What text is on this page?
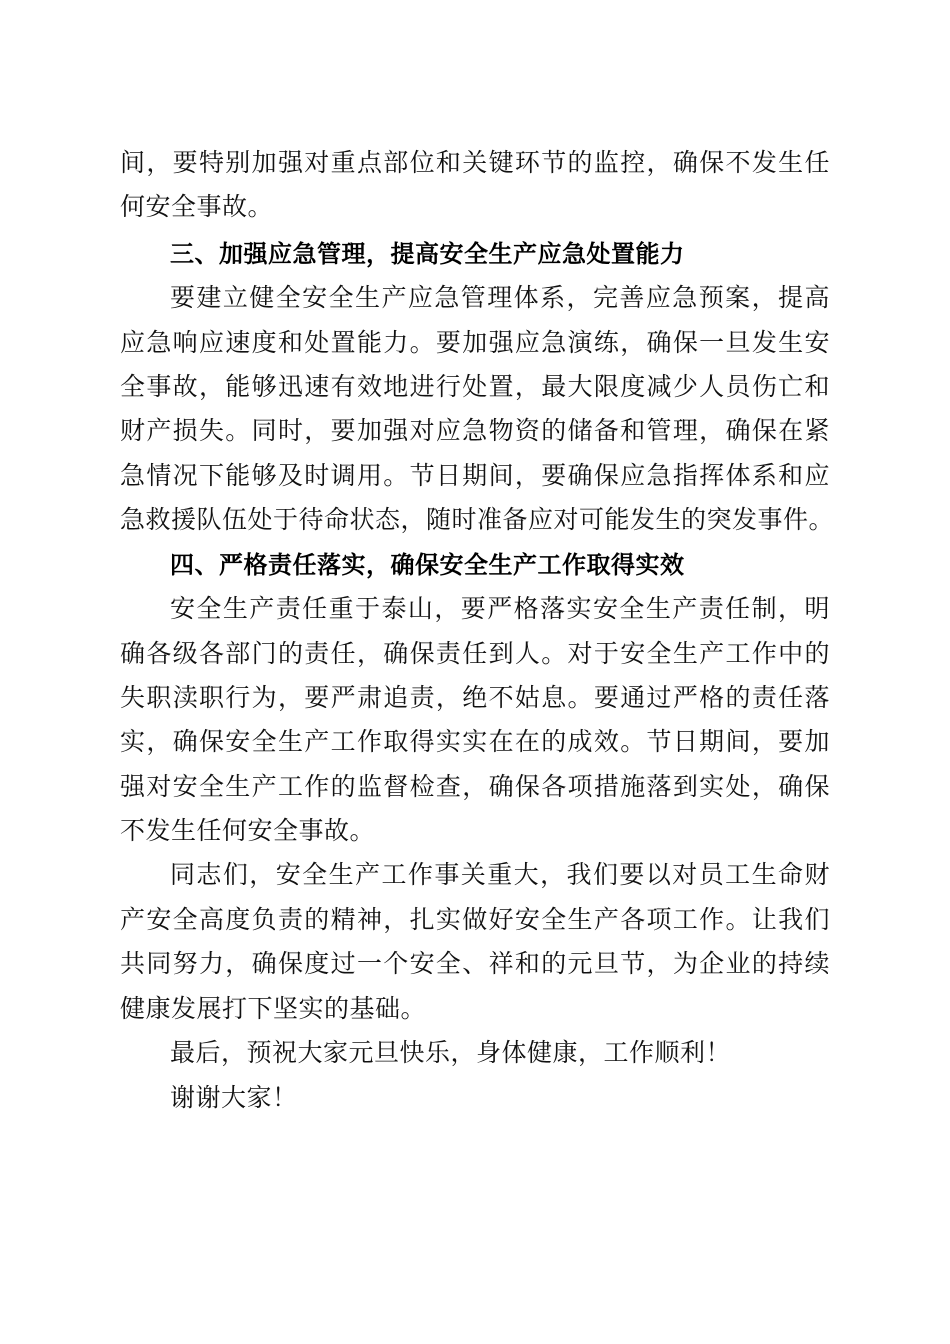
间，要特别加强对重点部位和关键环节的监控，确保不发生任
何安全事故。
三、加强应急管理，提高安全生产应急处置能力
要建立健全安全生产应急管理体系，完善应急预案，提高
应急响应速度和处置能力。要加强应急演练，确保一旦发生安
全事故，能够迅速有效地进行处置，最大限度减少人员伤亡和
财产损失。同时，要加强对应急物资的储备和管理，确保在紧
急情况下能够及时调用。节日期间，要确保应急指挥体系和应
急救援队伍处于待命状态，随时准备应对可能发生的突发事件。
四、严格责任落实，确保安全生产工作取得实效
安全生产责任重于泰山，要严格落实安全生产责任制，明
确各级各部门的责任，确保责任到人。对于安全生产工作中的
失职渎职行为，要严肃追责，绝不姑息。要通过严格的责任落
实，确保安全生产工作取得实实在在的成效。节日期间，要加
强对安全生产工作的监督检查，确保各项措施落到实处，确保
不发生任何安全事故。
同志们，安全生产工作事关重大，我们要以对员工生命财
产安全高度负责的精神，扎实做好安全生产各项工作。让我们
共同努力，确保度过一个安全、祥和的元旦节，为企业的持续
健康发展打下坚实的基础。
最后，预祝大家元旦快乐，身体健康，工作顺利！
谢谢大家！
